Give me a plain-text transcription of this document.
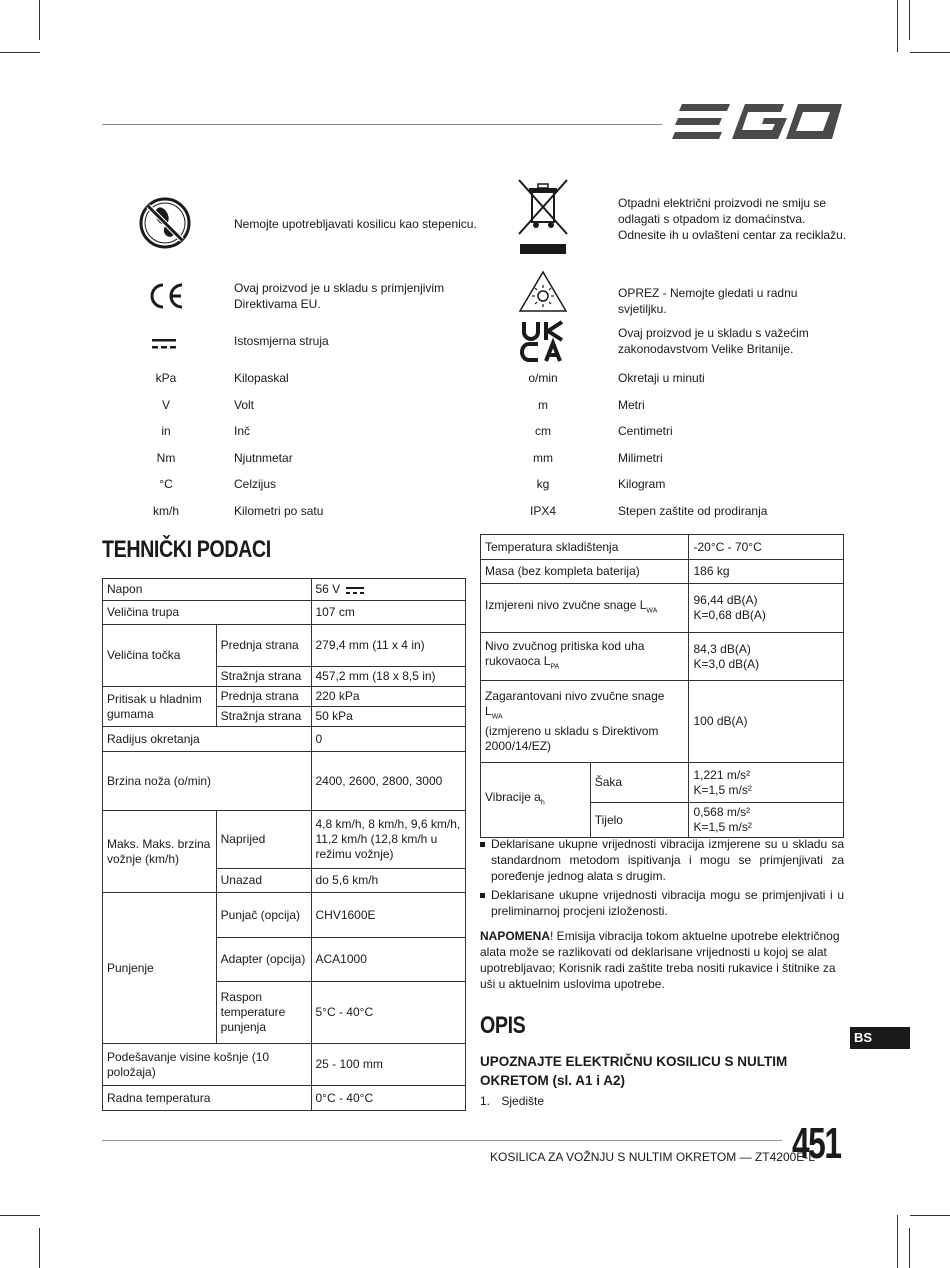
EGO
Nemojte upotrebljavati kosilicu kao stepenicu.
Ovaj proizvod je u skladu s primjenjivim Direktivama EU.
Istosmjerna struja
Otpadni električni proizvodi ne smiju se odlagati s otpadom iz domaćinstva. Odnesite ih u ovlašteni centar za reciklažu.
OPREZ - Nemojte gledati u radnu svjetiljku.
Ovaj proizvod je u skladu s važećim zakonodavstvom Velike Britanije.
kPa	Kilopaskal
V	Volt
in	Inč
Nm	Njutnmetar
°C	Celzijus
km/h	Kilometri po satu
o/min	Okretaji u minuti
m	Metri
cm	Centimetri
mm	Milimetri
kg	Kilogram
IPX4	Stepen zaštite od prodiranja
TEHNIČKI PODACI
Napon		56 V
Veličina trupa		107 cm
Veličina točka	Prednja strana	279,4 mm (11 x 4 in)
	Stražnja strana	457,2 mm (18 x 8,5 in)
Pritisak u hladnim gumama	Prednja strana	220 kPa
	Stražnja strana	50 kPa
Radijus okretanja		0
Brzina noža (o/min)		2400, 2600, 2800, 3000
Maks. Maks. brzina vožnje (km/h)	Naprijed	4,8 km/h, 8 km/h, 9,6 km/h, 11,2 km/h (12,8 km/h u režimu vožnje)
	Unazad	do 5,6 km/h
Punjenje	Punjač (opcija)	CHV1600E
	Adapter (opcija)	ACA1000
	Raspon temperature punjenja	5°C - 40°C
Podešavanje visine košnje (10 položaja)		25 - 100 mm
Radna temperatura		0°C - 40°C
Temperatura skladištenja		-20°C - 70°C
Masa (bez kompleta baterija)		186 kg
Izmjereni nivo zvučne snage $L_{WA}$		96,44 dB(A)
K=0,68 dB(A)

Nivo zvučnog pritiska kod uha rukovaoca $L_{PA}$		84,3 dB(A)
K=3,0 dB(A)

Zagarantovani nivo zvučne snage $L_{WA}$
(izmjereno u skladu s Direktivom 2000/14/EZ)		100 dB(A)
Vibracije $a_h$	Šaka	1,221 m/s²
K=1,5 m/s²

	Tijelo	0,568 m/s²
K=1,5 m/s²
Deklarisane ukupne vrijednosti vibracija izmjerene su u skladu sa standardnom metodom ispitivanja i mogu se primjenjivati za poređenje jednog alata s drugim.
Deklarisane ukupne vrijednosti vibracija mogu se primjenjivati i u preliminarnoj procjeni izloženosti.
NAPOMENA! Emisija vibracija tokom aktuelne upotrebe električnog alata može se razlikovati od deklarisane vrijednosti u kojoj se alat upotrebljavao; Korisnik radi zaštite treba nositi rukavice i štitnike za uši u aktuelnim uslovima upotrebe.
OPIS
UPOZNAJTE ELEKTRIČNU KOSILICU S NULTIM OKRETOM (sl. A1 i A2)
1. Sjedište
BS
KOSILICA ZA VOŽNJU S NULTIM OKRETOM — ZT4200E-L
451
